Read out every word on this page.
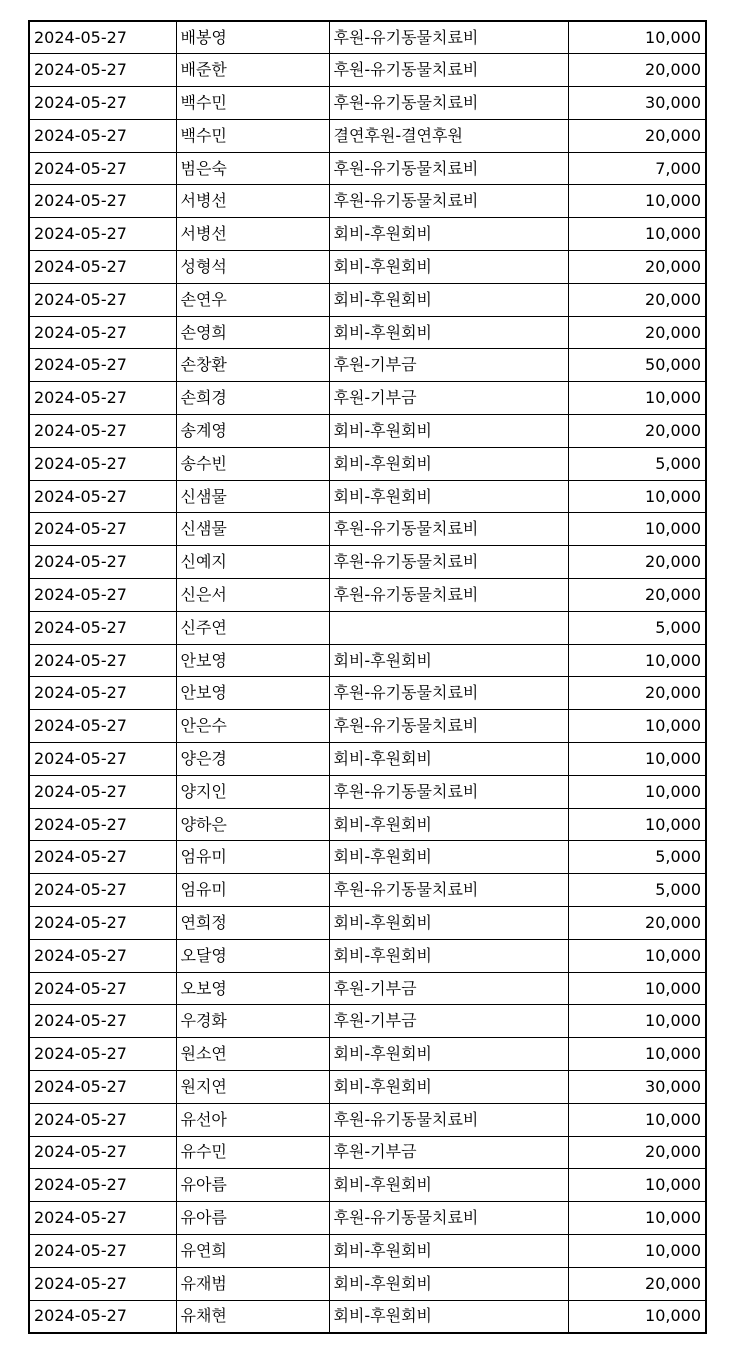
2024-05-27	배봉영	후원-유기동물치료비	10,000
2024-05-27	배준한	후원-유기동물치료비	20,000
2024-05-27	백수민	후원-유기동물치료비	30,000
2024-05-27	백수민	결연후원-결연후원	20,000
2024-05-27	범은숙	후원-유기동물치료비	7,000
2024-05-27	서병선	후원-유기동물치료비	10,000
2024-05-27	서병선	회비-후원회비	10,000
2024-05-27	성형석	회비-후원회비	20,000
2024-05-27	손연우	회비-후원회비	20,000
2024-05-27	손영희	회비-후원회비	20,000
2024-05-27	손창환	후원-기부금	50,000
2024-05-27	손희경	후원-기부금	10,000
2024-05-27	송계영	회비-후원회비	20,000
2024-05-27	송수빈	회비-후원회비	5,000
2024-05-27	신샘물	회비-후원회비	10,000
2024-05-27	신샘물	후원-유기동물치료비	10,000
2024-05-27	신예지	후원-유기동물치료비	20,000
2024-05-27	신은서	후원-유기동물치료비	20,000
2024-05-27	신주연		5,000
2024-05-27	안보영	회비-후원회비	10,000
2024-05-27	안보영	후원-유기동물치료비	20,000
2024-05-27	안은수	후원-유기동물치료비	10,000
2024-05-27	양은경	회비-후원회비	10,000
2024-05-27	양지인	후원-유기동물치료비	10,000
2024-05-27	양하은	회비-후원회비	10,000
2024-05-27	엄유미	회비-후원회비	5,000
2024-05-27	엄유미	후원-유기동물치료비	5,000
2024-05-27	연희정	회비-후원회비	20,000
2024-05-27	오달영	회비-후원회비	10,000
2024-05-27	오보영	후원-기부금	10,000
2024-05-27	우경화	후원-기부금	10,000
2024-05-27	원소연	회비-후원회비	10,000
2024-05-27	원지연	회비-후원회비	30,000
2024-05-27	유선아	후원-유기동물치료비	10,000
2024-05-27	유수민	후원-기부금	20,000
2024-05-27	유아름	회비-후원회비	10,000
2024-05-27	유아름	후원-유기동물치료비	10,000
2024-05-27	유연희	회비-후원회비	10,000
2024-05-27	유재범	회비-후원회비	20,000
2024-05-27	유채현	회비-후원회비	10,000
